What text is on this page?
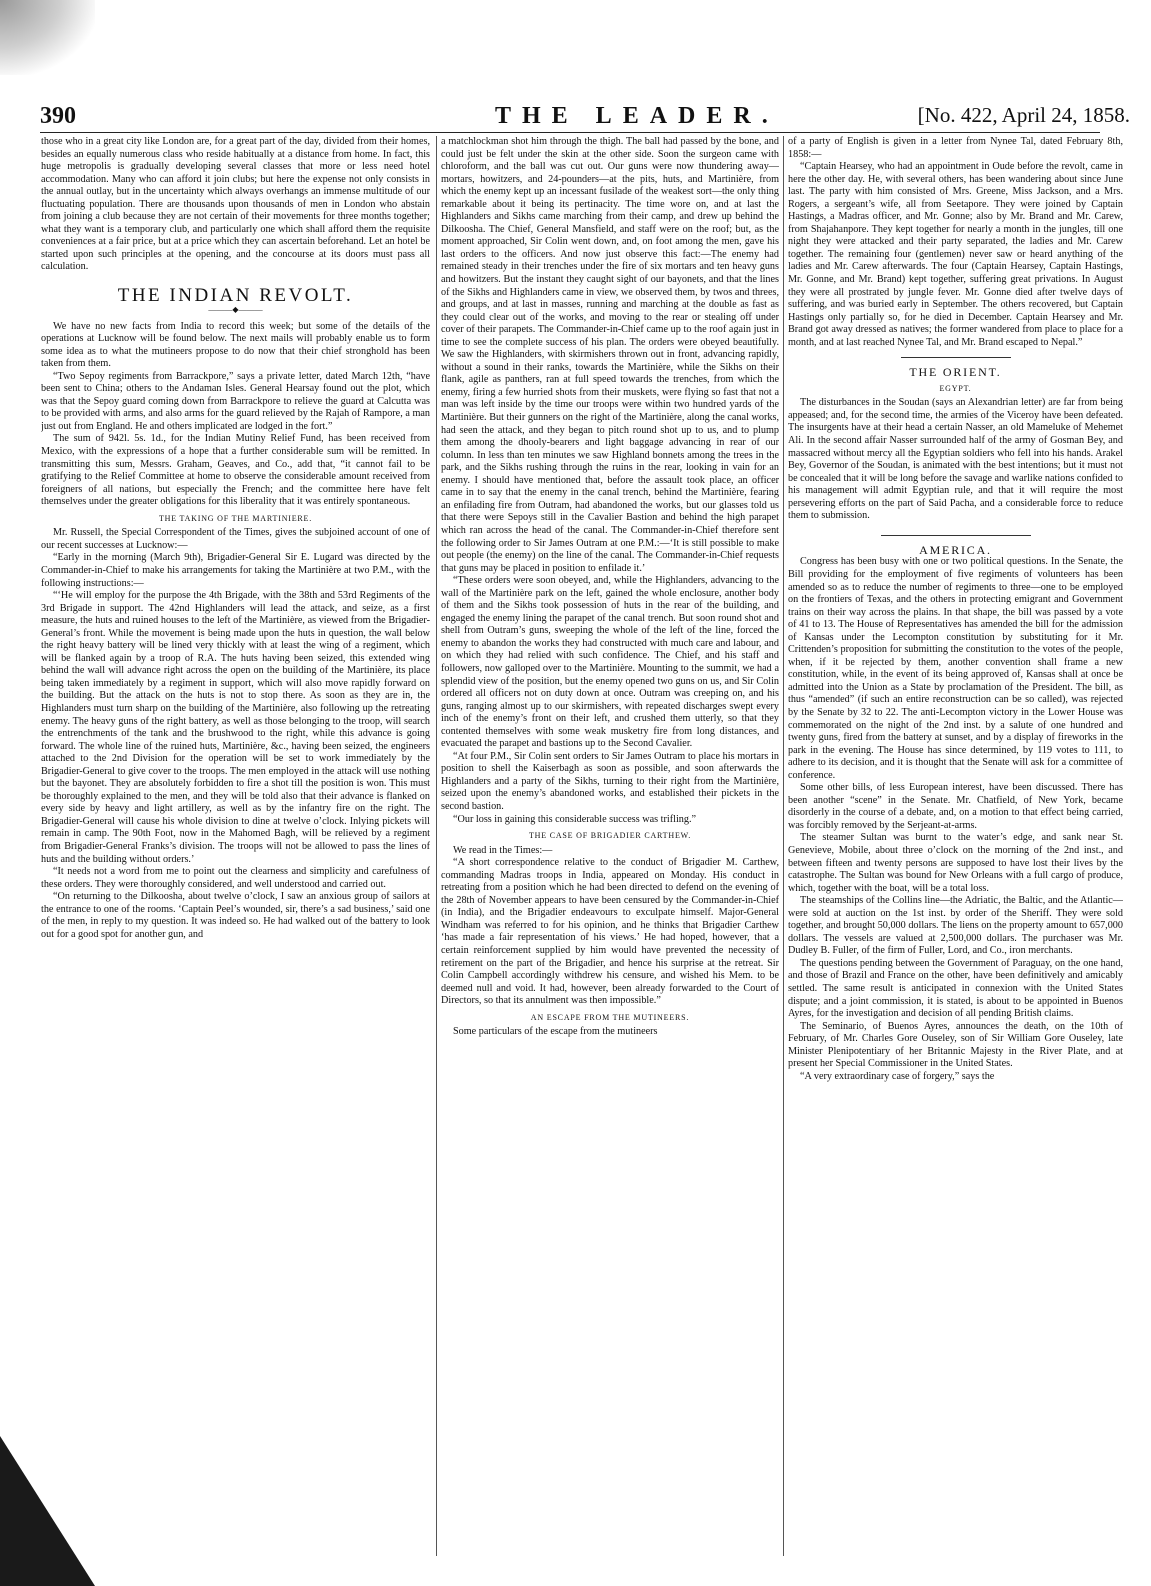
390	THE LEADER.	[No. 422, April 24, 1858.

those who in a great city like London are, for a great part of the day, divided from their homes, besides an equally numerous class who reside habitually at a distance from home. In fact, this huge metropolis is gradually developing several classes that more or less need hotel accommodation. Many who can afford it join clubs; but here the expense not only consists in the annual outlay, but in the uncertainty which always overhangs an immense multitude of our fluctuating population. There are thousands upon thousands of men in London who abstain from joining a club because they are not certain of their movements for three months together; what they want is a temporary club, and particularly one which shall afford them the requisite conveniences at a fair price, but at a price which they can ascertain beforehand. Let an hotel be started upon such principles at the opening, and the concourse at its doors must pass all calculation.

THE INDIAN REVOLT.
———◆———

We have no new facts from India to record this week; but some of the details of the operations at Lucknow will be found below. The next mails will probably enable us to form some idea as to what the mutineers propose to do now that their chief stronghold has been taken from them.

“Two Sepoy regiments from Barrackpore,” says a private letter, dated March 12th, “have been sent to China; others to the Andaman Isles. General Hearsay found out the plot, which was that the Sepoy guard coming down from Barrackpore to relieve the guard at Calcutta was to be provided with arms, and also arms for the guard relieved by the Rajah of Rampore, a man just out from England. He and others implicated are lodged in the fort.”

The sum of 942l. 5s. 1d., for the Indian Mutiny Relief Fund, has been received from Mexico, with the expressions of a hope that a further considerable sum will be remitted. In transmitting this sum, Messrs. Graham, Geaves, and Co., add that, “it cannot fail to be gratifying to the Relief Committee at home to observe the considerable amount received from foreigners of all nations, but especially the French; and the committee here have felt themselves under the greater obligations for this liberality that it was entirely spontaneous.

THE TAKING OF THE MARTINIERE.

Mr. Russell, the Special Correspondent of the Times, gives the subjoined account of one of our recent successes at Lucknow:—

“Early in the morning (March 9th), Brigadier-General Sir E. Lugard was directed by the Commander-in-Chief to make his arrangements for taking the Martinière at two P.M., with the following instructions:—

“‘He will employ for the purpose the 4th Brigade, with the 38th and 53rd Regiments of the 3rd Brigade in support. The 42nd Highlanders will lead the attack, and seize, as a first measure, the huts and ruined houses to the left of the Martinière, as viewed from the Brigadier-General’s front. While the movement is being made upon the huts in question, the wall below the right heavy battery will be lined very thickly with at least the wing of a regiment, which will be flanked again by a troop of R.A. The huts having been seized, this extended wing behind the wall will advance right across the open on the building of the Martinière, its place being taken immediately by a regiment in support, which will also move rapidly forward on the building. But the attack on the huts is not to stop there. As soon as they are in, the Highlanders must turn sharp on the building of the Martinière, also following up the retreating enemy. The heavy guns of the right battery, as well as those belonging to the troop, will search the entrenchments of the tank and the brushwood to the right, while this advance is going forward. The whole line of the ruined huts, Martinière, &c., having been seized, the engineers attached to the 2nd Division for the operation will be set to work immediately by the Brigadier-General to give cover to the troops. The men employed in the attack will use nothing but the bayonet. They are absolutely forbidden to fire a shot till the position is won. This must be thoroughly explained to the men, and they will be told also that their advance is flanked on every side by heavy and light artillery, as well as by the infantry fire on the right. The Brigadier-General will cause his whole division to dine at twelve o’clock. Inlying pickets will remain in camp. The 90th Foot, now in the Mahomed Bagh, will be relieved by a regiment from Brigadier-General Franks’s division. The troops will not be allowed to pass the lines of huts and the building without orders.’

“It needs not a word from me to point out the clearness and simplicity and carefulness of these orders. They were thoroughly considered, and well understood and carried out.

“On returning to the Dilkoosha, about twelve o’clock, I saw an anxious group of sailors at the entrance to one of the rooms. ‘Captain Peel’s wounded, sir, there’s a sad business,’ said one of the men, in reply to my question. It was indeed so. He had walked out of the battery to look out for a good spot for another gun, and

a matchlockman shot him through the thigh. The ball had passed by the bone, and could just be felt under the skin at the other side. Soon the surgeon came with chloroform, and the ball was cut out. Our guns were now thundering away—mortars, howitzers, and 24-pounders—at the pits, huts, and Martinière, from which the enemy kept up an incessant fusilade of the weakest sort—the only thing remarkable about it being its pertinacity. The time wore on, and at last the Highlanders and Sikhs came marching from their camp, and drew up behind the Dilkoosha. The Chief, General Mansfield, and staff were on the roof; but, as the moment approached, Sir Colin went down, and, on foot among the men, gave his last orders to the officers. And now just observe this fact:—The enemy had remained steady in their trenches under the fire of six mortars and ten heavy guns and howitzers. But the instant they caught sight of our bayonets, and that the lines of the Sikhs and Highlanders came in view, we observed them, by twos and threes, and groups, and at last in masses, running and marching at the double as fast as they could clear out of the works, and moving to the rear or stealing off under cover of their parapets. The Commander-in-Chief came up to the roof again just in time to see the complete success of his plan. The orders were obeyed beautifully. We saw the Highlanders, with skirmishers thrown out in front, advancing rapidly, without a sound in their ranks, towards the Martinière, while the Sikhs on their flank, agile as panthers, ran at full speed towards the trenches, from which the enemy, firing a few hurried shots from their muskets, were flying so fast that not a man was left inside by the time our troops were within two hundred yards of the Martinière. But their gunners on the right of the Martinière, along the canal works, had seen the attack, and they began to pitch round shot up to us, and to plump them among the dhooly-bearers and light baggage advancing in rear of our column. In less than ten minutes we saw Highland bonnets among the trees in the park, and the Sikhs rushing through the ruins in the rear, looking in vain for an enemy. I should have mentioned that, before the assault took place, an officer came in to say that the enemy in the canal trench, behind the Martinière, fearing an enfilading fire from Outram, had abandoned the works, but our glasses told us that there were Sepoys still in the Cavalier Bastion and behind the high parapet which ran across the head of the canal. The Commander-in-Chief therefore sent the following order to Sir James Outram at one P.M.:—‘It is still possible to make out people (the enemy) on the line of the canal. The Commander-in-Chief requests that guns may be placed in position to enfilade it.’

“These orders were soon obeyed, and, while the Highlanders, advancing to the wall of the Martinière park on the left, gained the whole enclosure, another body of them and the Sikhs took possession of huts in the rear of the building, and engaged the enemy lining the parapet of the canal trench. But soon round shot and shell from Outram’s guns, sweeping the whole of the left of the line, forced the enemy to abandon the works they had constructed with much care and labour, and on which they had relied with such confidence. The Chief, and his staff and followers, now galloped over to the Martinière. Mounting to the summit, we had a splendid view of the position, but the enemy opened two guns on us, and Sir Colin ordered all officers not on duty down at once. Outram was creeping on, and his guns, ranging almost up to our skirmishers, with repeated discharges swept every inch of the enemy’s front on their left, and crushed them utterly, so that they contented themselves with some weak musketry fire from long distances, and evacuated the parapet and bastions up to the Second Cavalier.

“At four P.M., Sir Colin sent orders to Sir James Outram to place his mortars in position to shell the Kaiserbagh as soon as possible, and soon afterwards the Highlanders and a party of the Sikhs, turning to their right from the Martinière, seized upon the enemy’s abandoned works, and established their pickets in the second bastion.

“Our loss in gaining this considerable success was trifling.”

THE CASE OF BRIGADIER CARTHEW.

We read in the Times:—

“A short correspondence relative to the conduct of Brigadier M. Carthew, commanding Madras troops in India, appeared on Monday. His conduct in retreating from a position which he had been directed to defend on the evening of the 28th of November appears to have been censured by the Commander-in-Chief (in India), and the Brigadier endeavours to exculpate himself. Major-General Windham was referred to for his opinion, and he thinks that Brigadier Carthew ‘has made a fair representation of his views.’ He had hoped, however, that a certain reinforcement supplied by him would have prevented the necessity of retirement on the part of the Brigadier, and hence his surprise at the retreat. Sir Colin Campbell accordingly withdrew his censure, and wished his Mem. to be deemed null and void. It had, however, been already forwarded to the Court of Directors, so that its annulment was then impossible.”

AN ESCAPE FROM THE MUTINEERS.

Some particulars of the escape from the mutineers

of a party of English is given in a letter from Nynee Tal, dated February 8th, 1858:—

“Captain Hearsey, who had an appointment in Oude before the revolt, came in here the other day. He, with several others, has been wandering about since June last. The party with him consisted of Mrs. Greene, Miss Jackson, and a Mrs. Rogers, a sergeant’s wife, all from Seetapore. They were joined by Captain Hastings, a Madras officer, and Mr. Gonne; also by Mr. Brand and Mr. Carew, from Shajahanpore. They kept together for nearly a month in the jungles, till one night they were attacked and their party separated, the ladies and Mr. Carew together. The remaining four (gentlemen) never saw or heard anything of the ladies and Mr. Carew afterwards. The four (Captain Hearsey, Captain Hastings, Mr. Gonne, and Mr. Brand) kept together, suffering great privations. In August they were all prostrated by jungle fever. Mr. Gonne died after twelve days of suffering, and was buried early in September. The others recovered, but Captain Hastings only partially so, for he died in December. Captain Hearsey and Mr. Brand got away dressed as natives; the former wandered from place to place for a month, and at last reached Nynee Tal, and Mr. Brand escaped to Nepal.”

THE ORIENT.
EGYPT.

The disturbances in the Soudan (says an Alexandrian letter) are far from being appeased; and, for the second time, the armies of the Viceroy have been defeated. The insurgents have at their head a certain Nasser, an old Mameluke of Mehemet Ali. In the second affair Nasser surrounded half of the army of Gosman Bey, and massacred without mercy all the Egyptian soldiers who fell into his hands. Arakel Bey, Governor of the Soudan, is animated with the best intentions; but it must not be concealed that it will be long before the savage and warlike nations confided to his management will admit Egyptian rule, and that it will require the most persevering efforts on the part of Said Pacha, and a considerable force to reduce them to submission.

AMERICA.

Congress has been busy with one or two political questions. In the Senate, the Bill providing for the employment of five regiments of volunteers has been amended so as to reduce the number of regiments to three—one to be employed on the frontiers of Texas, and the others in protecting emigrant and Government trains on their way across the plains. In that shape, the bill was passed by a vote of 41 to 13. The House of Representatives has amended the bill for the admission of Kansas under the Lecompton constitution by substituting for it Mr. Crittenden’s proposition for submitting the constitution to the votes of the people, when, if it be rejected by them, another convention shall frame a new constitution, while, in the event of its being approved of, Kansas shall at once be admitted into the Union as a State by proclamation of the President. The bill, as thus “amended” (if such an entire reconstruction can be so called), was rejected by the Senate by 32 to 22. The anti-Lecompton victory in the Lower House was commemorated on the night of the 2nd inst. by a salute of one hundred and twenty guns, fired from the battery at sunset, and by a display of fireworks in the park in the evening. The House has since determined, by 119 votes to 111, to adhere to its decision, and it is thought that the Senate will ask for a committee of conference.

Some other bills, of less European interest, have been discussed. There has been another “scene” in the Senate. Mr. Chatfield, of New York, became disorderly in the course of a debate, and, on a motion to that effect being carried, was forcibly removed by the Serjeant-at-arms.

The steamer Sultan was burnt to the water’s edge, and sank near St. Genevieve, Mobile, about three o’clock on the morning of the 2nd inst., and between fifteen and twenty persons are supposed to have lost their lives by the catastrophe. The Sultan was bound for New Orleans with a full cargo of produce, which, together with the boat, will be a total loss.

The steamships of the Collins line—the Adriatic, the Baltic, and the Atlantic—were sold at auction on the 1st inst. by order of the Sheriff. They were sold together, and brought 50,000 dollars. The liens on the property amount to 657,000 dollars. The vessels are valued at 2,500,000 dollars. The purchaser was Mr. Dudley B. Fuller, of the firm of Fuller, Lord, and Co., iron merchants.

The questions pending between the Government of Paraguay, on the one hand, and those of Brazil and France on the other, have been definitively and amicably settled. The same result is anticipated in connexion with the United States dispute; and a joint commission, it is stated, is about to be appointed in Buenos Ayres, for the investigation and decision of all pending British claims.

The Seminario, of Buenos Ayres, announces the death, on the 10th of February, of Mr. Charles Gore Ouseley, son of Sir William Gore Ouseley, late Minister Plenipotentiary of her Britannic Majesty in the River Plate, and at present her Special Commissioner in the United States.

“A very extraordinary case of forgery,” says the
